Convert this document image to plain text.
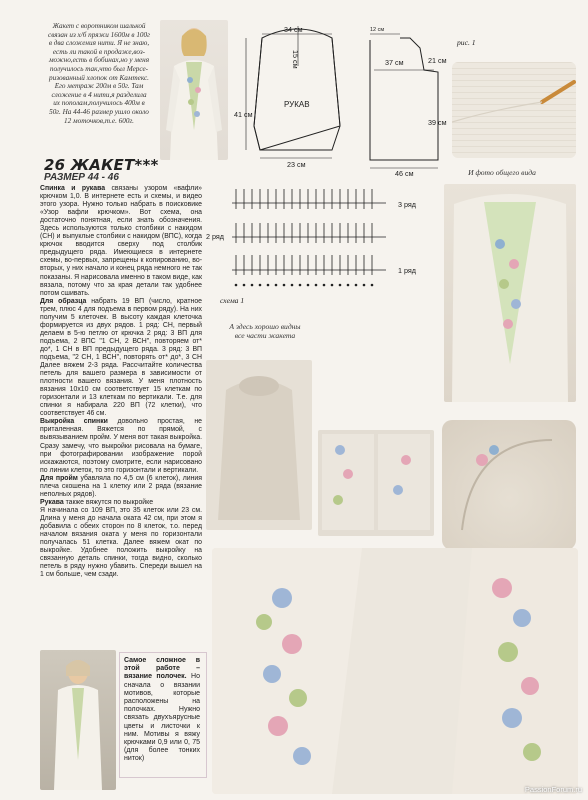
Жакет с воротником шалькой
связан из х/б пряжи 1600м в 100г
в два сложения нити. Я не знаю,
есть ли такой в продаже,воз-
можно,есть в бобинах,но у меня
получилось так,что был Мерсе-
ризованный хлопок от Камтекс.
Его метраж 200м в 50г. Там
сложение в 4 нити,я разделила
их пополам,получилось 400м в
50г. На 44-46 размер ушло около
12 моточков,т.е. 600г.
34 см
15 см
41 см
РУКАВ
23 см
12 см
37 см
46 см
21 см
39 см
рис. 1
И фото общего вида
3 ряд
2 ряд
1 ряд
схема 1
А здесь хорошо видны
все части жакета
26 ЖАКЕТ***
РАЗМЕР 44 - 46

Спинка и рукава связаны узором «вафли» крючком 1,0. В интернете есть и схемы, и видео этого узора. Нужно только набрать в поисковике «Узор вафли крючком». Вот схема, она достаточно понятная, если знать обозначения. Здесь используются только столбики с накидом (СН) и выпуклые столбики с накидом (ВПС), когда крючок вводится сверху под столбик предыдущего ряда. Имеющиеся в интернете схемы, во-первых, запрещены к копированию, во-вторых, у них начало и конец ряда немного не так показаны. Я нарисовала именно в таком виде, как вязала, потому что за края детали так удобнее потом сшивать.

Для образца набрать 19 ВП (число, кратное трем, плюс 4 для подъема в первом ряду). На них получим 5 клеточек. В высоту каждая клеточка формируется из двух рядов. 1 ряд: СН, первый делаем в 5-ю петлю от крючка 2 ряд: 3 ВП для подъема, 2 ВПС "1 СН, 2 ВСН", повторяем от* до*, 1 СН в ВП предыдущего ряда. 3 ряд: 3 ВП подъема, "2 СН, 1 ВСН", повторять от* до*, 3 СН Далее вяжем 2-3 ряда. Рассчитайте количества петель для вашего размера в зависимости от плотности вашего вязания. У меня плотность вязания 10х10 см соответствует 15 клеткам по горизонтали и 13 клеткам по вертикали. Т.е. для спинки я набирала 220 ВП (72 клетки), что соответствует 46 см.

Выкройка спинки довольно простая, не приталенная. Вяжется по прямой, с вывязыванием пройм. У меня вот такая выкройка. Сразу замечу, что выкройки рисовала на бумаге, при фотографировании изображение порой искажаются, поэтому смотрите, если нарисовано по линии клеток, то это горизонтали и вертикали.

Для пройм убавляла по 4,5 см (6 клеток), линия плеча скошена на 1 клетку или 2 ряда (вязание неполных рядов).

Рукава также вяжутся по выкройке
Я начинала со 109 ВП, это 35 клеток или 23 см. Длина у меня до начала оката 42 см, при этом я добавила с обеих сторон по 8 клеток, т.о. перед началом вязания оката у меня по горизонтали получалась 51 клетка. Далее вяжем окат по выкройке. Удобнее положить выкройку на связанную деталь спинки, тогда видно, сколько петель в ряду нужно убавить. Спереди вышел на 1 см больше, чем сзади.

Самое сложное в этой работе – вязание полочек. Но сначала о вязании мотивов, которые расположены на полочках. Нужно связать двухъярусные цветы и листочки к ним. Мотивы я вяжу крючками 0,9 или 0, 75 (для более тонких ниток)
PassionForum.ru
